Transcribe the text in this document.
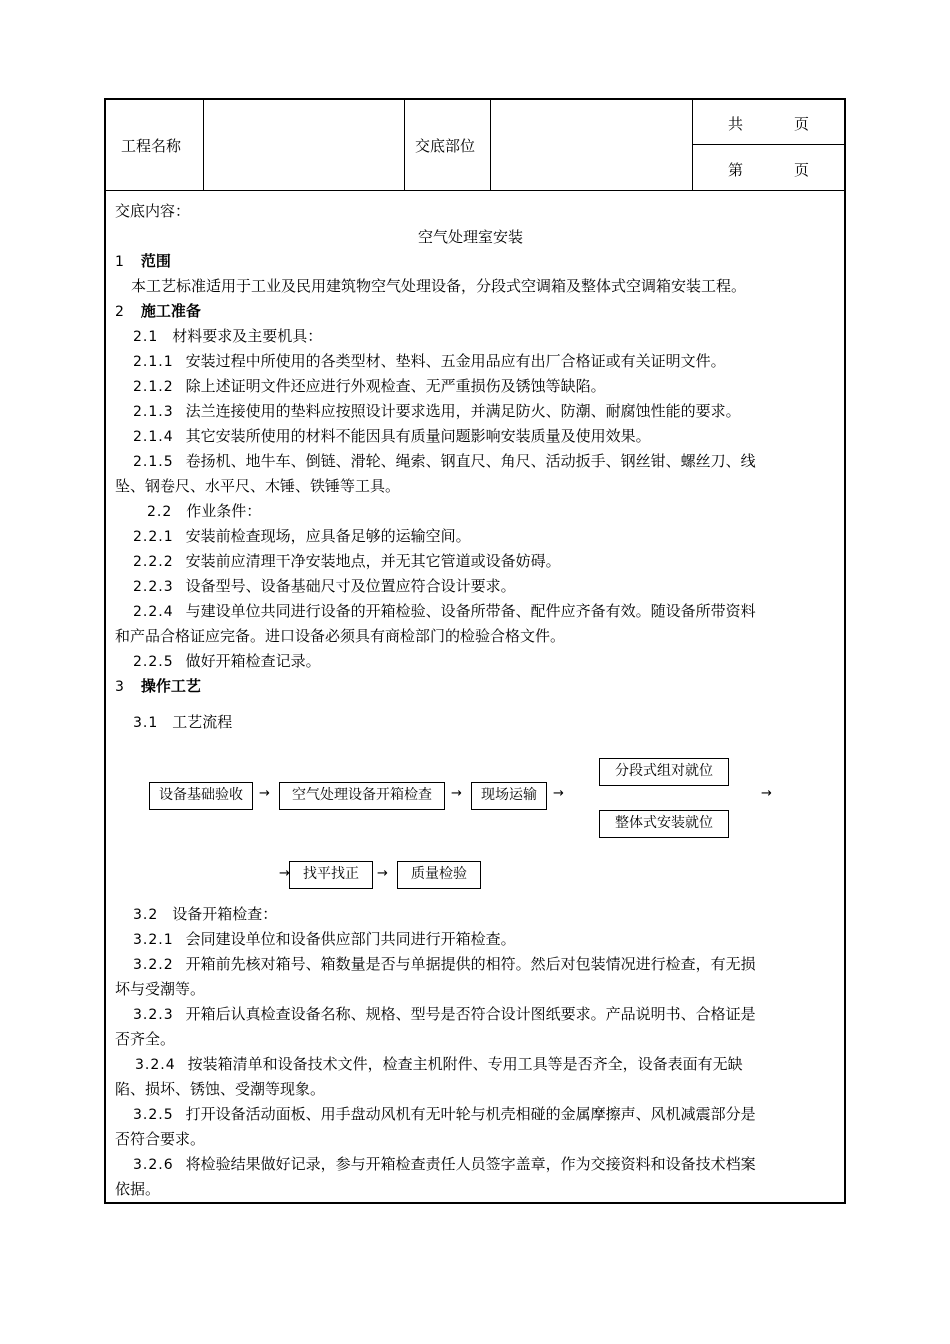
工程名称	交底部位
共	页
第	页
交底内容：
空气处理室安装
1 范围
本工艺标准适用于工业及民用建筑物空气处理设备，分段式空调箱及整体式空调箱安装工程。
2 施工准备
2.1 材料要求及主要机具：
2.1.1 安装过程中所使用的各类型材、垫料、五金用品应有出厂合格证或有关证明文件。
2.1.2 除上述证明文件还应进行外观检查、无严重损伤及锈蚀等缺陷。
2.1.3 法兰连接使用的垫料应按照设计要求选用，并满足防火、防潮、耐腐蚀性能的要求。
2.1.4 其它安装所使用的材料不能因具有质量问题影响安装质量及使用效果。
2.1.5 卷扬机、地牛车、倒链、滑轮、绳索、钢直尺、角尺、活动扳手、钢丝钳、螺丝刀、线
坠、钢卷尺、水平尺、木锤、铁锤等工具。
2.2 作业条件：
2.2.1 安装前检查现场，应具备足够的运输空间。
2.2.2 安装前应清理干净安装地点，并无其它管道或设备妨碍。
2.2.3 设备型号、设备基础尺寸及位置应符合设计要求。
2.2.4 与建设单位共同进行设备的开箱检验、设备所带备、配件应齐备有效。随设备所带资料
和产品合格证应完备。进口设备必须具有商检部门的检验合格文件。
2.2.5 做好开箱检查记录。
3 操作工艺
3.1 工艺流程
设备基础验收	→	空气处理设备开箱检查	→	现场运输	→
分段式组对就位
整体式安装就位
→
→ 找平找正	→	质量检验
3.2 设备开箱检查：
3.2.1 会同建设单位和设备供应部门共同进行开箱检查。
3.2.2 开箱前先核对箱号、箱数量是否与单据提供的相符。然后对包装情况进行检查，有无损
坏与受潮等。
3.2.3 开箱后认真检查设备名称、规格、型号是否符合设计图纸要求。产品说明书、合格证是
否齐全。
3.2.4 按装箱清单和设备技术文件，检查主机附件、专用工具等是否齐全，设备表面有无缺
陷、损坏、锈蚀、受潮等现象。
3.2.5 打开设备活动面板、用手盘动风机有无叶轮与机壳相碰的金属摩擦声、风机减震部分是
否符合要求。
3.2.6 将检验结果做好记录，参与开箱检查责任人员签字盖章，作为交接资料和设备技术档案
依据。
